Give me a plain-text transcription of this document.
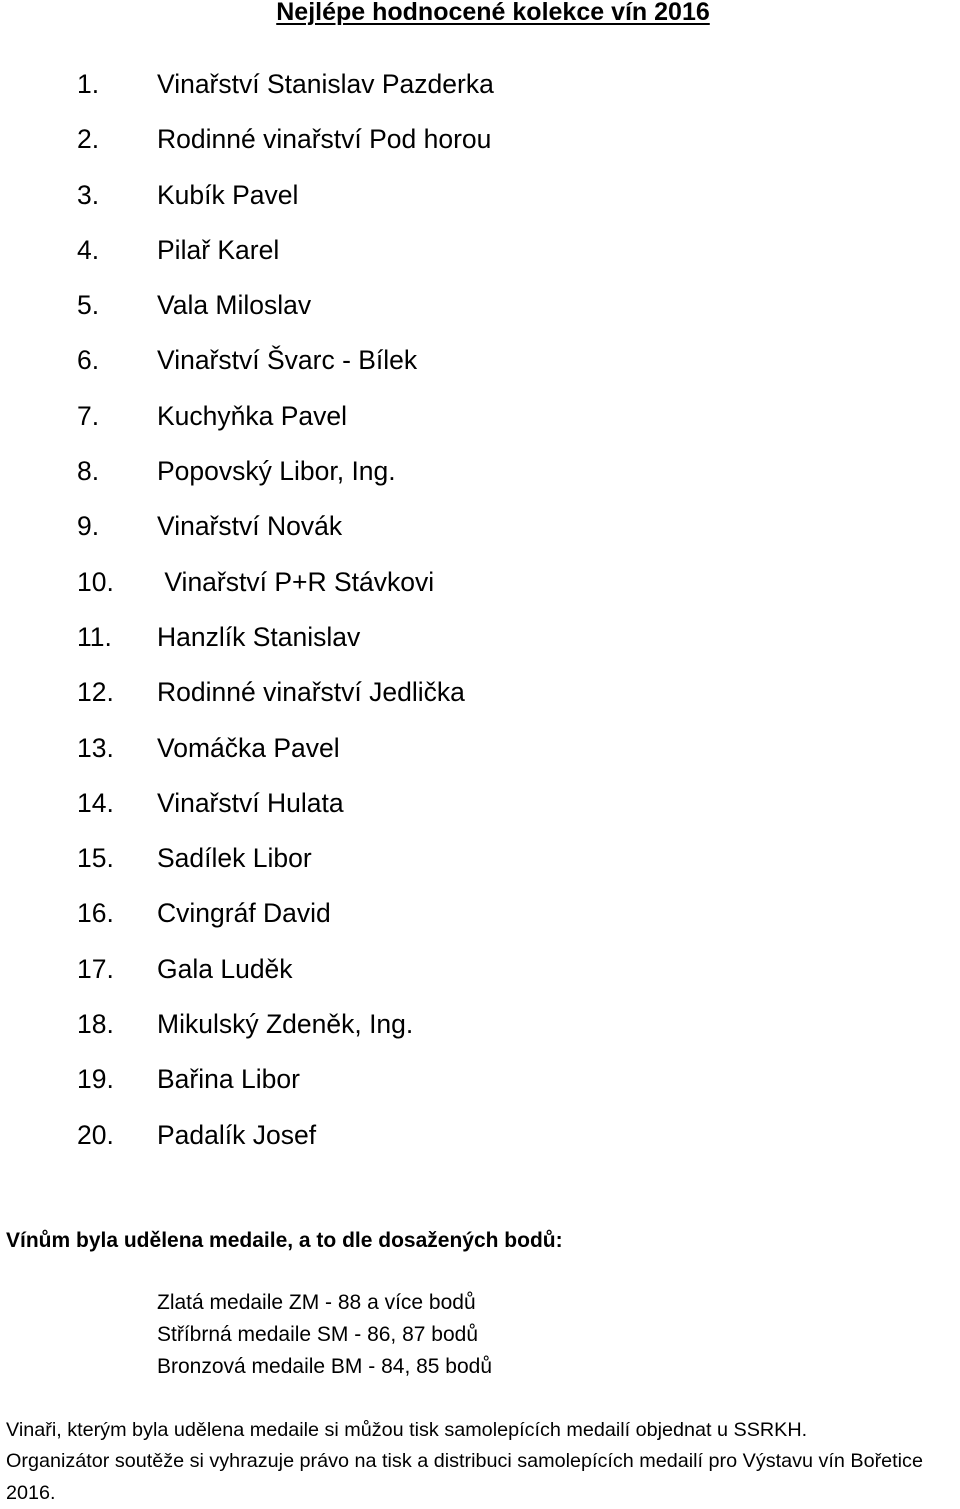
Nejlépe hodnocené kolekce vín 2016
1. Vinařství Stanislav Pazderka
2. Rodinné vinařství Pod horou
3. Kubík Pavel
4. Pilař Karel
5. Vala Miloslav
6. Vinařství Švarc - Bílek
7. Kuchyňka Pavel
8. Popovský Libor, Ing.
9. Vinařství Novák
10. Vinařství P+R Stávkovi
11. Hanzlík Stanislav
12. Rodinné vinařství Jedlička
13. Vomáčka Pavel
14. Vinařství Hulata
15. Sadílek Libor
16. Cvingráf David
17. Gala Luděk
18. Mikulský Zdeněk, Ing.
19. Bařina Libor
20. Padalík Josef
Vínům byla udělena medaile, a to dle dosažených bodů:
Zlatá medaile ZM - 88 a více bodů
Stříbrná medaile SM - 86, 87 bodů
Bronzová medaile BM - 84, 85 bodů
Vinaři, kterým byla udělena medaile si můžou tisk samolepících medailí objednat u SSRKH.
Organizátor soutěže si vyhrazuje právo na tisk a distribuci samolepících medailí pro Výstavu vín Bořetice 2016.
